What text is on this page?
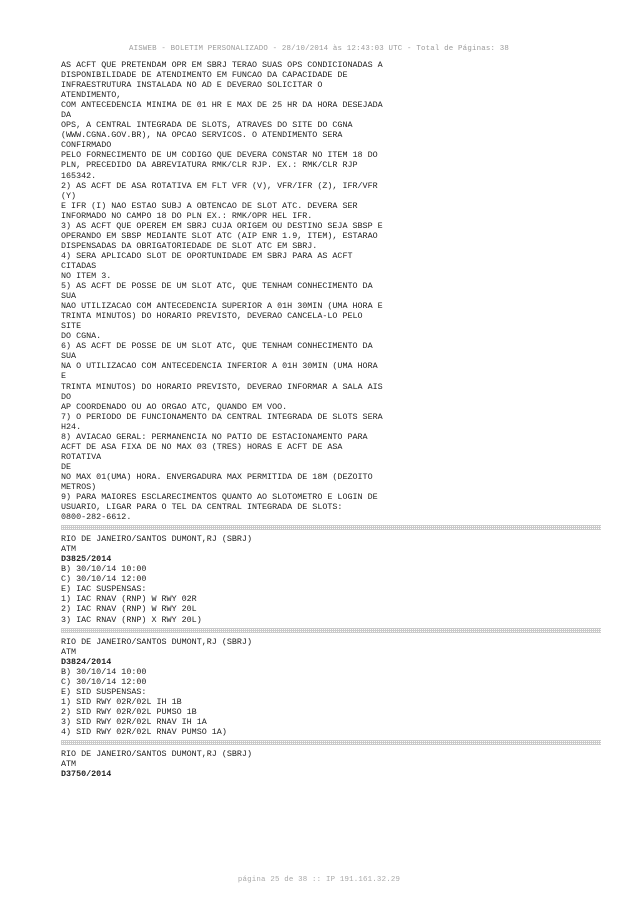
AISWEB - BOLETIM PERSONALIZADO - 28/10/2014 às 12:43:03 UTC - Total de Páginas: 38
AS ACFT QUE PRETENDAM OPR EM SBRJ TERAO SUAS OPS CONDICIONADAS A
DISPONIBILIDADE DE ATENDIMENTO EM FUNCAO DA CAPACIDADE DE
INFRAESTRUTURA INSTALADA NO AD E DEVERAO SOLICITAR O
ATENDIMENTO,
COM ANTECEDENCIA MINIMA DE 01 HR E MAX DE 25 HR DA HORA DESEJADA
DA
OPS, A CENTRAL INTEGRADA DE SLOTS, ATRAVES DO SITE DO CGNA
(WWW.CGNA.GOV.BR), NA OPCAO SERVICOS. O ATENDIMENTO SERA
CONFIRMADO
PELO FORNECIMENTO DE UM CODIGO QUE DEVERA CONSTAR NO ITEM 18 DO
PLN, PRECEDIDO DA ABREVIATURA RMK/CLR RJP. EX.: RMK/CLR RJP
165342.
2) AS ACFT DE ASA ROTATIVA EM FLT VFR (V), VFR/IFR (Z), IFR/VFR
(Y)
E IFR (I) NAO ESTAO SUBJ A OBTENCAO DE SLOT ATC. DEVERA SER
INFORMADO NO CAMPO 18 DO PLN EX.: RMK/OPR HEL IFR.
3) AS ACFT QUE OPEREM EM SBRJ CUJA ORIGEM OU DESTINO SEJA SBSP E
OPERANDO EM SBSP MEDIANTE SLOT ATC (AIP ENR 1.9, ITEM), ESTARAO
DISPENSADAS DA OBRIGATORIEDADE DE SLOT ATC EM SBRJ.
4) SERA APLICADO SLOT DE OPORTUNIDADE EM SBRJ PARA AS ACFT
CITADAS
NO ITEM 3.
5) AS ACFT DE POSSE DE UM SLOT ATC, QUE TENHAM CONHECIMENTO DA
SUA
NAO UTILIZACAO COM ANTECEDENCIA SUPERIOR A 01H 30MIN (UMA HORA E
TRINTA MINUTOS) DO HORARIO PREVISTO, DEVERAO CANCELA-LO PELO
SITE
DO CGNA.
6) AS ACFT DE POSSE DE UM SLOT ATC, QUE TENHAM CONHECIMENTO DA
SUA
NA O UTILIZACAO COM ANTECEDENCIA INFERIOR A 01H 30MIN (UMA HORA
E
TRINTA MINUTOS) DO HORARIO PREVISTO, DEVERAO INFORMAR A SALA AIS
DO
AP COORDENADO OU AO ORGAO ATC, QUANDO EM VOO.
7) O PERIODO DE FUNCIONAMENTO DA CENTRAL INTEGRADA DE SLOTS SERA
H24.
8) AVIACAO GERAL: PERMANENCIA NO PATIO DE ESTACIONAMENTO PARA
ACFT DE ASA FIXA DE NO MAX 03 (TRES) HORAS E ACFT DE ASA
ROTATIVA
DE
NO MAX 01(UMA) HORA. ENVERGADURA MAX PERMITIDA DE 18M (DEZOITO
METROS)
9) PARA MAIORES ESCLARECIMENTOS QUANTO AO SLOTOMETRO E LOGIN DE
USUARIO, LIGAR PARA O TEL DA CENTRAL INTEGRADA DE SLOTS:
0800-282-6612.
RIO DE JANEIRO/SANTOS DUMONT,RJ (SBRJ)
ATM
D3825/2014
B) 30/10/14 10:00
C) 30/10/14 12:00
E) IAC SUSPENSAS:
1) IAC RNAV (RNP) W RWY 02R
2) IAC RNAV (RNP) W RWY 20L
3) IAC RNAV (RNP) X RWY 20L)
RIO DE JANEIRO/SANTOS DUMONT,RJ (SBRJ)
ATM
D3824/2014
B) 30/10/14 10:00
C) 30/10/14 12:00
E) SID SUSPENSAS:
1) SID RWY 02R/02L IH 1B
2) SID RWY 02R/02L PUMSO 1B
3) SID RWY 02R/02L RNAV IH 1A
4) SID RWY 02R/02L RNAV PUMSO 1A)
RIO DE JANEIRO/SANTOS DUMONT,RJ (SBRJ)
ATM
D3750/2014
página 25 de 38 :: IP 191.161.32.29
